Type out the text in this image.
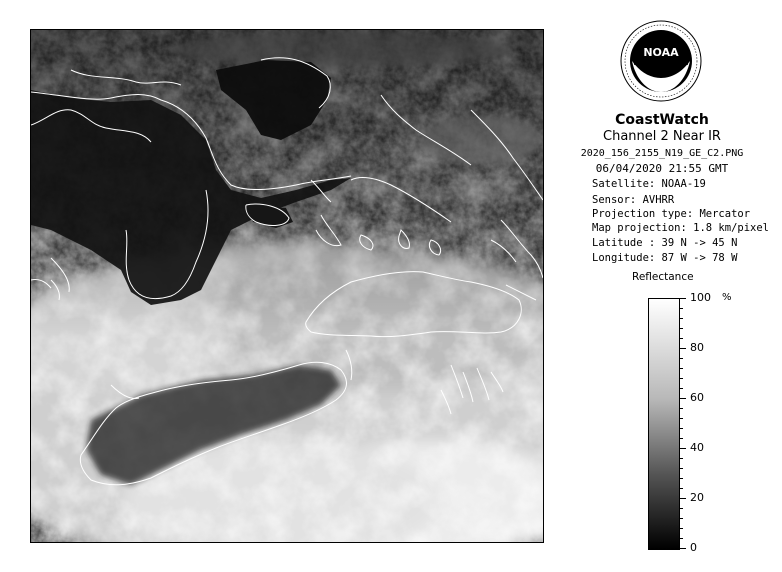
NOAA
CoastWatch
Channel 2 Near IR
2020_156_2155_N19_GE_C2.PNG
06/04/2020 21:55 GMT
Satellite: NOAA-19
Sensor: AVHRR
Projection type: Mercator
Map projection: 1.8 km/pixel
Latitude : 39 N -> 45 N
Longitude: 87 W -> 78 W
Reflectance
%
100
80
60
40
20
0
